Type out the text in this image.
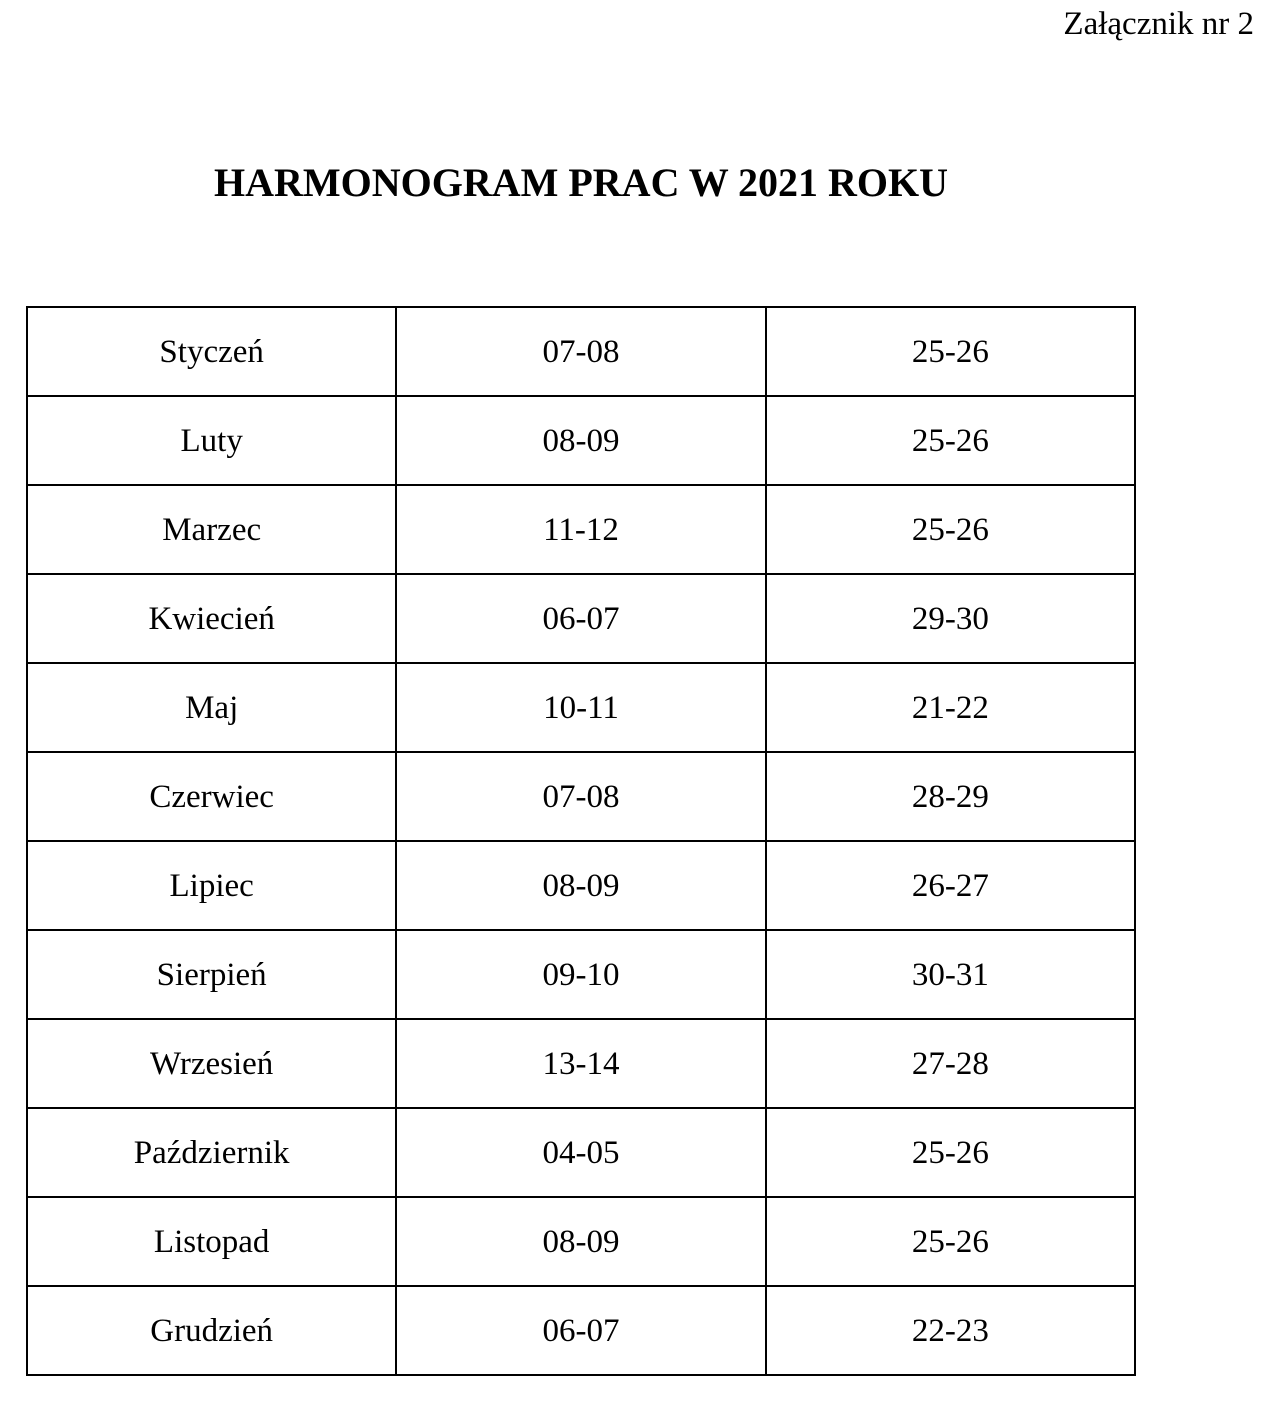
Załącznik nr 2
HARMONOGRAM PRAC W 2021 ROKU
Styczeń	07-08	25-26
Luty	08-09	25-26
Marzec	11-12	25-26
Kwiecień	06-07	29-30
Maj	10-11	21-22
Czerwiec	07-08	28-29
Lipiec	08-09	26-27
Sierpień	09-10	30-31
Wrzesień	13-14	27-28
Październik	04-05	25-26
Listopad	08-09	25-26
Grudzień	06-07	22-23
